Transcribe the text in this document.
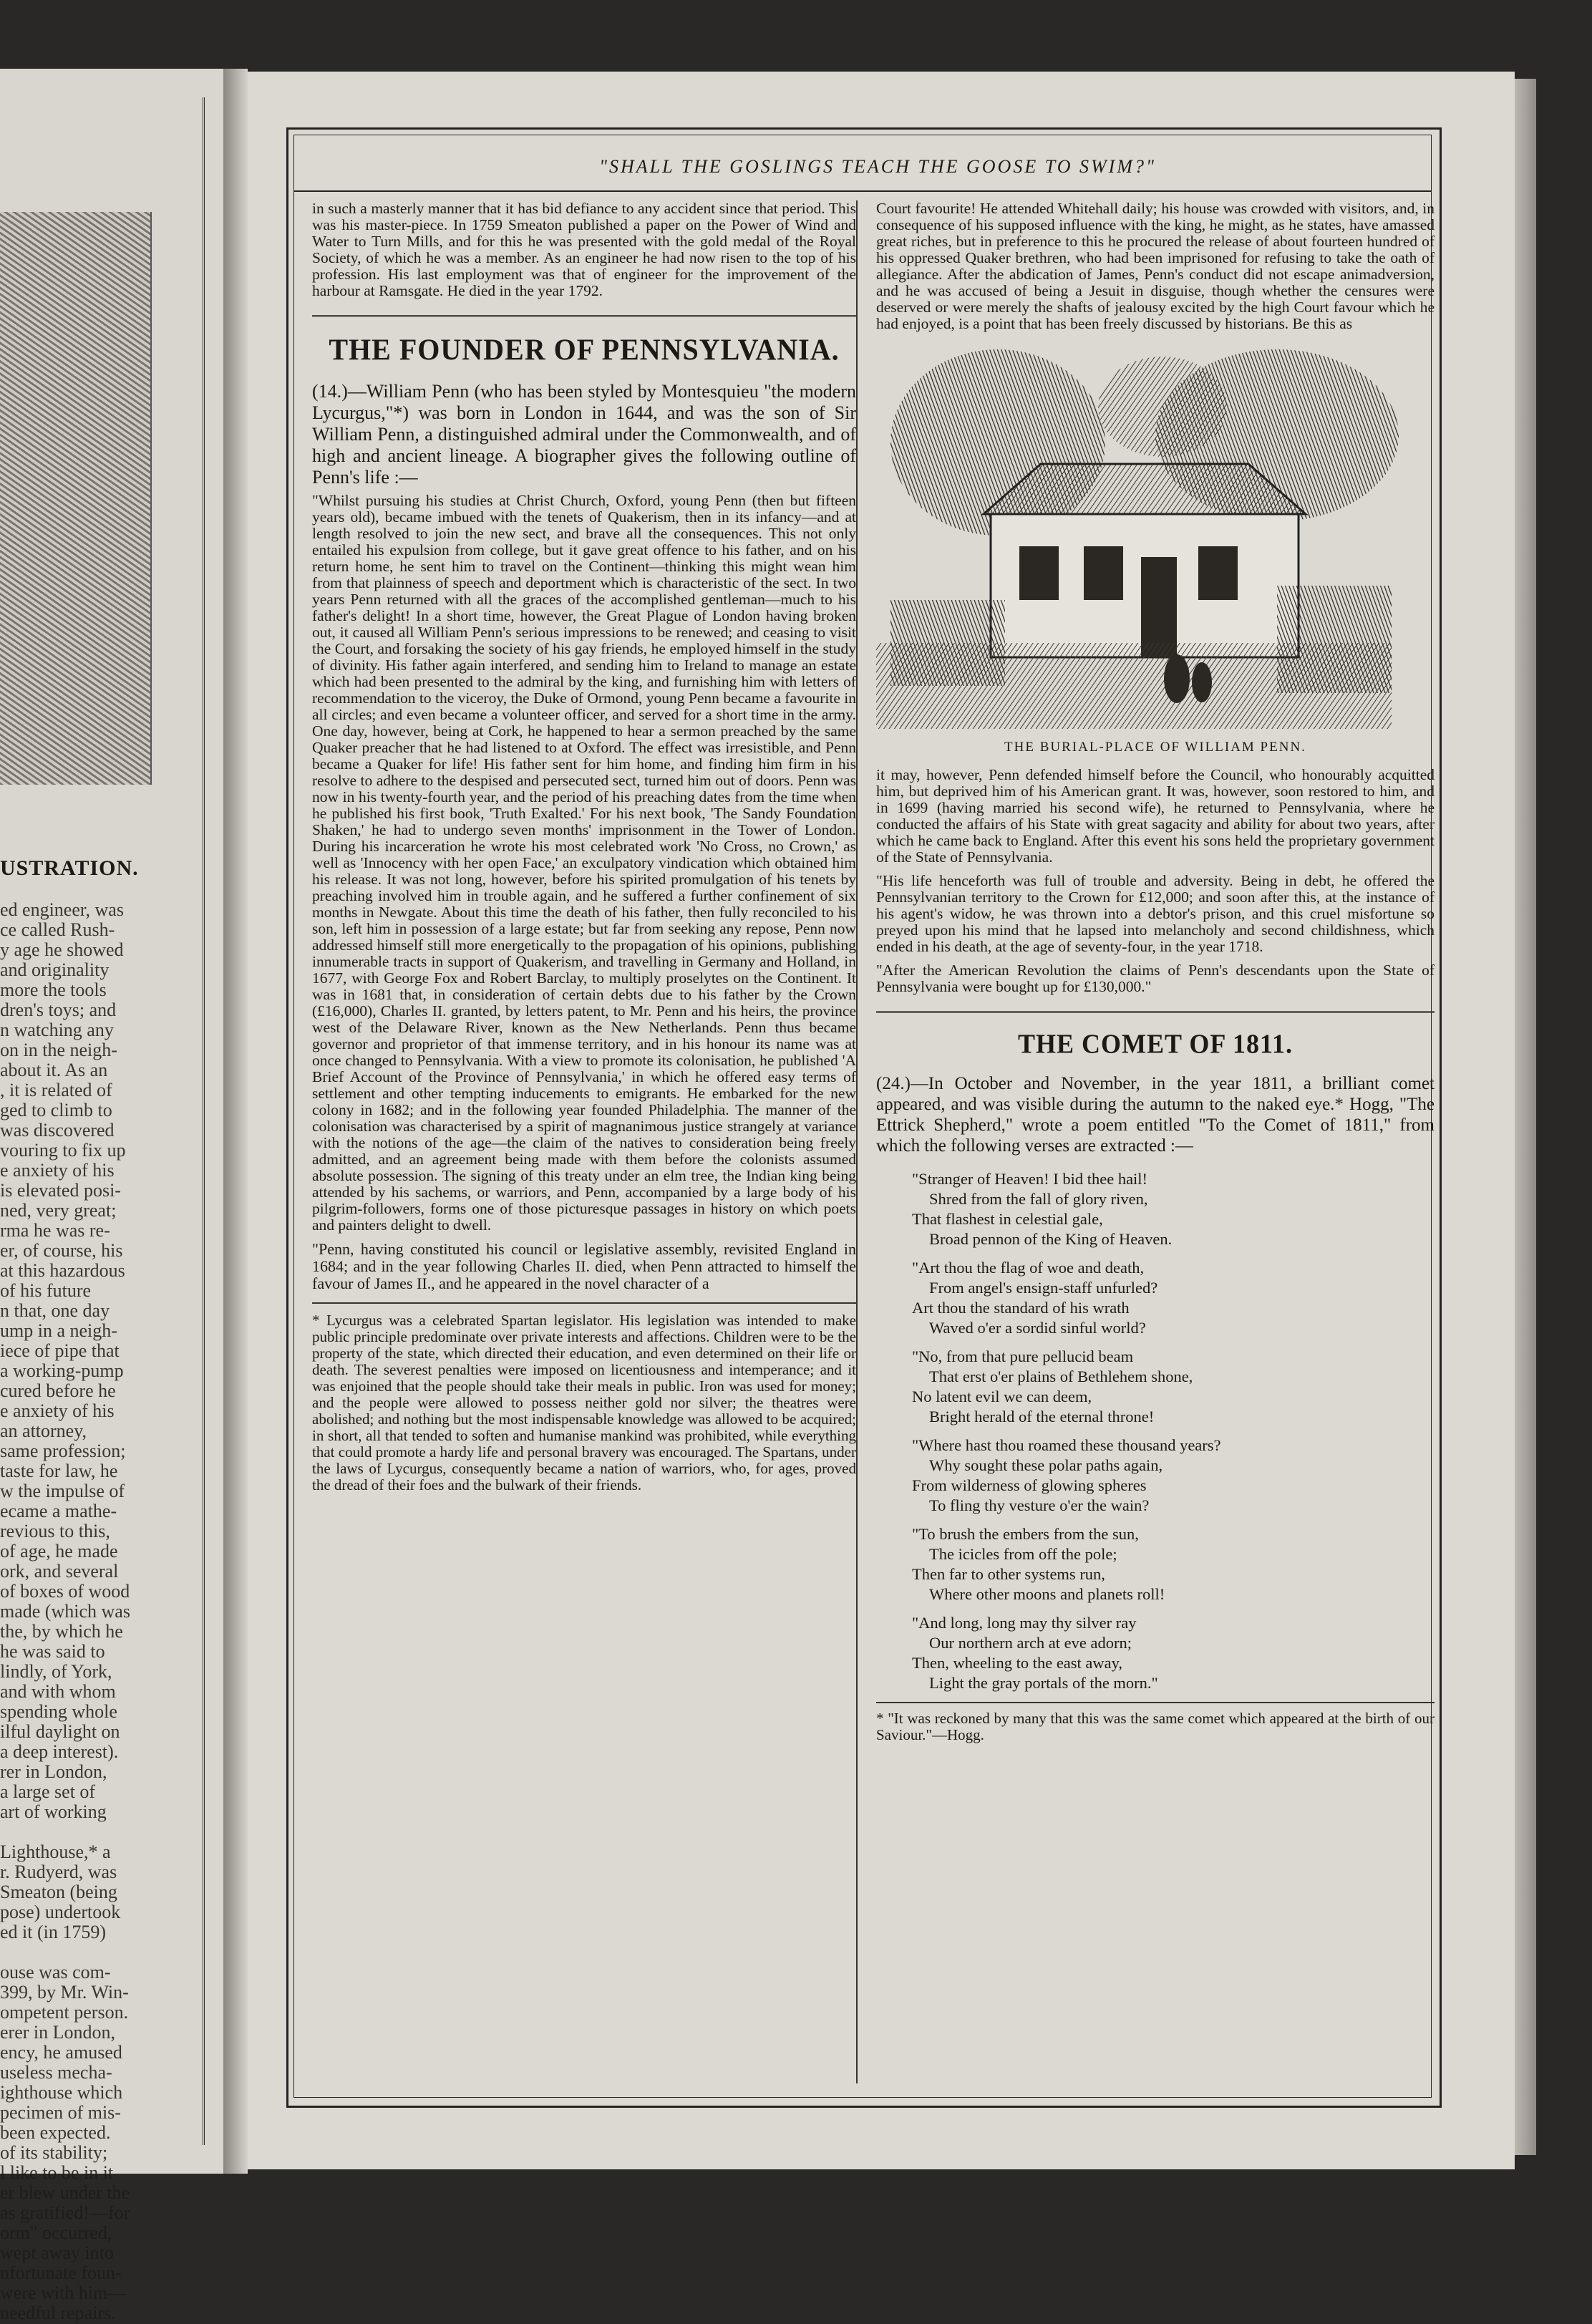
USTRATION.
ed engineer, was
ce called Rush-
y age he showed
and originality
more the tools
dren's toys; and
n watching any
on in the neigh-
about it. As an
, it is related of
ged to climb to
was discovered
vouring to fix up
e anxiety of his
is elevated posi-
ned, very great;
rma he was re-
er, of course, his
at this hazardous
of his future
n that, one day
ump in a neigh-
iece of pipe that
a working-pump
cured before he
e anxiety of his
an attorney,
same profession;
taste for law, he
w the impulse of
ecame a mathe-
revious to this,
of age, he made
ork, and several
of boxes of wood
made (which was
the, by which he
he was said to
lindly, of York,
and with whom
spending whole
ilful daylight on
a deep interest).
rer in London,
a large set of
art of working

Lighthouse,* a
r. Rudyerd, was
Smeaton (being
pose) undertook
ed it (in 1759)

ouse was com-
399, by Mr. Win-
ompetent person.
erer in London,
ency, he amused
useless mecha-
ighthouse which
pecimen of mis-
been expected.
of its stability;
l like to be in it
er blew under the
as gratified!—for
orm" occurred,
wept away into
nfortunate foun-
were with him—
needful repairs.
"SHALL THE GOSLINGS TEACH THE GOOSE TO SWIM?"

in such a masterly manner that it has bid defiance to any accident since that period. This was his master-piece. In 1759 Smeaton published a paper on the Power of Wind and Water to Turn Mills, and for this he was presented with the gold medal of the Royal Society, of which he was a member. As an engineer he had now risen to the top of his profession. His last employment was that of engineer for the improvement of the harbour at Ramsgate. He died in the year 1792.

THE FOUNDER OF PENNSYLVANIA.

(14.)—William Penn (who has been styled by Montesquieu "the modern Lycurgus,"*) was born in London in 1644, and was the son of Sir William Penn, a distinguished admiral under the Commonwealth, and of high and ancient lineage. A biographer gives the following outline of Penn's life :—

"Whilst pursuing his studies at Christ Church, Oxford, young Penn (then but fifteen years old), became imbued with the tenets of Quakerism, then in its infancy—and at length resolved to join the new sect, and brave all the consequences. This not only entailed his expulsion from college, but it gave great offence to his father, and on his return home, he sent him to travel on the Continent—thinking this might wean him from that plainness of speech and deportment which is characteristic of the sect. In two years Penn returned with all the graces of the accomplished gentleman—much to his father's delight! In a short time, however, the Great Plague of London having broken out, it caused all William Penn's serious impressions to be renewed; and ceasing to visit the Court, and forsaking the society of his gay friends, he employed himself in the study of divinity. His father again interfered, and sending him to Ireland to manage an estate which had been presented to the admiral by the king, and furnishing him with letters of recommendation to the viceroy, the Duke of Ormond, young Penn became a favourite in all circles; and even became a volunteer officer, and served for a short time in the army. One day, however, being at Cork, he happened to hear a sermon preached by the same Quaker preacher that he had listened to at Oxford. The effect was irresistible, and Penn became a Quaker for life! His father sent for him home, and finding him firm in his resolve to adhere to the despised and persecuted sect, turned him out of doors. Penn was now in his twenty-fourth year, and the period of his preaching dates from the time when he published his first book, 'Truth Exalted.' For his next book, 'The Sandy Foundation Shaken,' he had to undergo seven months' imprisonment in the Tower of London. During his incarceration he wrote his most celebrated work 'No Cross, no Crown,' as well as 'Innocency with her open Face,' an exculpatory vindication which obtained him his release. It was not long, however, before his spirited promulgation of his tenets by preaching involved him in trouble again, and he suffered a further confinement of six months in Newgate. About this time the death of his father, then fully reconciled to his son, left him in possession of a large estate; but far from seeking any repose, Penn now addressed himself still more energetically to the propagation of his opinions, publishing innumerable tracts in support of Quakerism, and travelling in Germany and Holland, in 1677, with George Fox and Robert Barclay, to multiply proselytes on the Continent. It was in 1681 that, in consideration of certain debts due to his father by the Crown (£16,000), Charles II. granted, by letters patent, to Mr. Penn and his heirs, the province west of the Delaware River, known as the New Netherlands. Penn thus became governor and proprietor of that immense territory, and in his honour its name was at once changed to Pennsylvania. With a view to promote its colonisation, he published 'A Brief Account of the Province of Pennsylvania,' in which he offered easy terms of settlement and other tempting inducements to emigrants. He embarked for the new colony in 1682; and in the following year founded Philadelphia. The manner of the colonisation was characterised by a spirit of magnanimous justice strangely at variance with the notions of the age—the claim of the natives to consideration being freely admitted, and an agreement being made with them before the colonists assumed absolute possession. The signing of this treaty under an elm tree, the Indian king being attended by his sachems, or warriors, and Penn, accompanied by a large body of his pilgrim-followers, forms one of those picturesque passages in history on which poets and painters delight to dwell.

"Penn, having constituted his council or legislative assembly, revisited England in 1684; and in the year following Charles II. died, when Penn attracted to himself the favour of James II., and he appeared in the novel character of a

* Lycurgus was a celebrated Spartan legislator. His legislation was intended to make public principle predominate over private interests and affections. Children were to be the property of the state, which directed their education, and even determined on their life or death. The severest penalties were imposed on licentiousness and intemperance; and it was enjoined that the people should take their meals in public. Iron was used for money; and the people were allowed to possess neither gold nor silver; the theatres were abolished; and nothing but the most indispensable knowledge was allowed to be acquired; in short, all that tended to soften and humanise mankind was prohibited, while everything that could promote a hardy life and personal bravery was encouraged. The Spartans, under the laws of Lycurgus, consequently became a nation of warriors, who, for ages, proved the dread of their foes and the bulwark of their friends.

Court favourite! He attended Whitehall daily; his house was crowded with visitors, and, in consequence of his supposed influence with the king, he might, as he states, have amassed great riches, but in preference to this he procured the release of about fourteen hundred of his oppressed Quaker brethren, who had been imprisoned for refusing to take the oath of allegiance. After the abdication of James, Penn's conduct did not escape animadversion, and he was accused of being a Jesuit in disguise, though whether the censures were deserved or were merely the shafts of jealousy excited by the high Court favour which he had enjoyed, is a point that has been freely discussed by historians. Be this as

THE BURIAL-PLACE OF WILLIAM PENN.

it may, however, Penn defended himself before the Council, who honourably acquitted him, but deprived him of his American grant. It was, however, soon restored to him, and in 1699 (having married his second wife), he returned to Pennsylvania, where he conducted the affairs of his State with great sagacity and ability for about two years, after which he came back to England. After this event his sons held the proprietary government of the State of Pennsylvania.

"His life henceforth was full of trouble and adversity. Being in debt, he offered the Pennsylvanian territory to the Crown for £12,000; and soon after this, at the instance of his agent's widow, he was thrown into a debtor's prison, and this cruel misfortune so preyed upon his mind that he lapsed into melancholy and second childishness, which ended in his death, at the age of seventy-four, in the year 1718.

"After the American Revolution the claims of Penn's descendants upon the State of Pennsylvania were bought up for £130,000."

THE COMET OF 1811.

(24.)—In October and November, in the year 1811, a brilliant comet appeared, and was visible during the autumn to the naked eye.* Hogg, "The Ettrick Shepherd," wrote a poem entitled "To the Comet of 1811," from which the following verses are extracted :—

"Stranger of Heaven! I bid thee hail!
Shred from the fall of glory riven,
That flashest in celestial gale,
Broad pennon of the King of Heaven.
"Art thou the flag of woe and death,
From angel's ensign-staff unfurled?
Art thou the standard of his wrath
Waved o'er a sordid sinful world?
"No, from that pure pellucid beam
That erst o'er plains of Bethlehem shone,
No latent evil we can deem,
Bright herald of the eternal throne!
"Where hast thou roamed these thousand years?
Why sought these polar paths again,
From wilderness of glowing spheres
To fling thy vesture o'er the wain?
"To brush the embers from the sun,
The icicles from off the pole;
Then far to other systems run,
Where other moons and planets roll!
"And long, long may thy silver ray
Our northern arch at eve adorn;
Then, wheeling to the east away,
Light the gray portals of the morn."

* "It was reckoned by many that this was the same comet which appeared at the birth of our Saviour."—Hogg.
